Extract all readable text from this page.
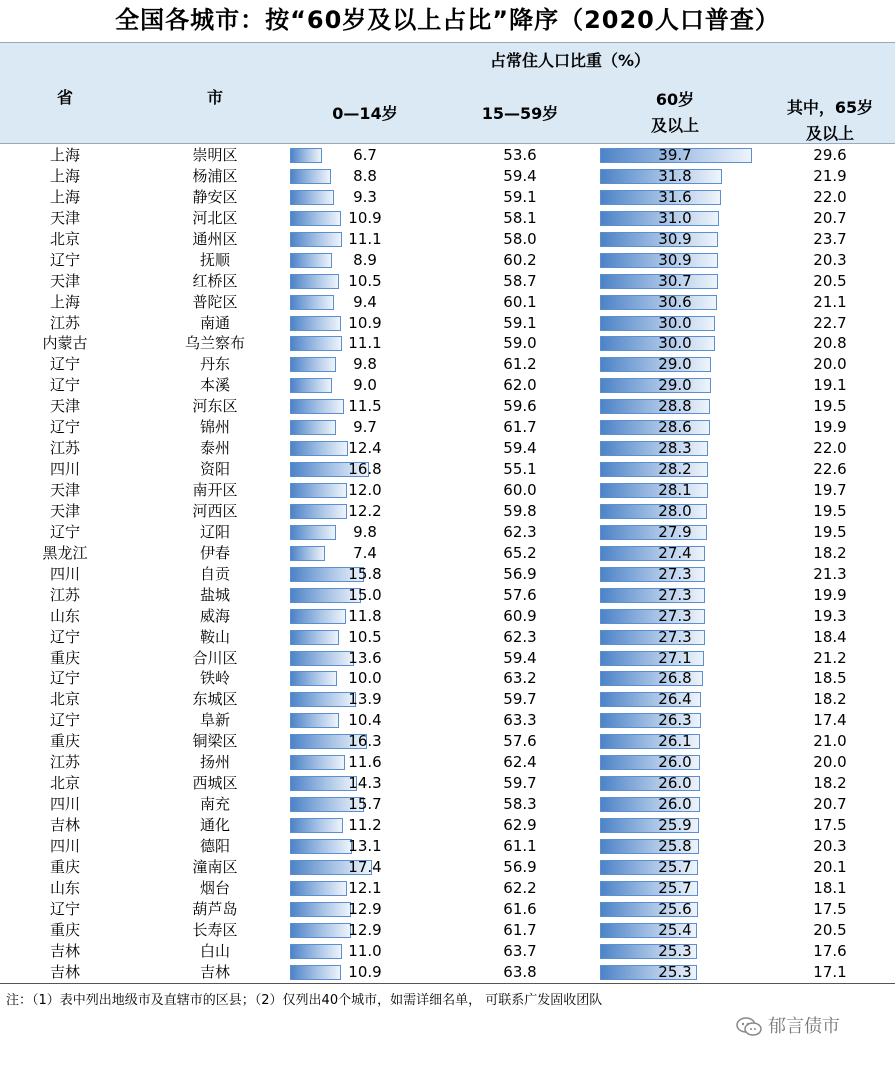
全国各城市：按“60岁及以上占比”降序（2020人口普查）
省	市
占常住人口比重（%）
0—14岁	15—59岁
60岁
及以上
其中，65岁
及以上
上海	崇明区	6.7	53.6	39.7	29.6
上海	杨浦区	8.8	59.4	31.8	21.9
上海	静安区	9.3	59.1	31.6	22.0
天津	河北区	10.9	58.1	31.0	20.7
北京	通州区	11.1	58.0	30.9	23.7
辽宁	抚顺	8.9	60.2	30.9	20.3
天津	红桥区	10.5	58.7	30.7	20.5
上海	普陀区	9.4	60.1	30.6	21.1
江苏	南通	10.9	59.1	30.0	22.7
内蒙古	乌兰察布	11.1	59.0	30.0	20.8
辽宁	丹东	9.8	61.2	29.0	20.0
辽宁	本溪	9.0	62.0	29.0	19.1
天津	河东区	11.5	59.6	28.8	19.5
辽宁	锦州	9.7	61.7	28.6	19.9
江苏	泰州	12.4	59.4	28.3	22.0
四川	资阳	16.8	55.1	28.2	22.6
天津	南开区	12.0	60.0	28.1	19.7
天津	河西区	12.2	59.8	28.0	19.5
辽宁	辽阳	9.8	62.3	27.9	19.5
黑龙江	伊春	7.4	65.2	27.4	18.2
四川	自贡	15.8	56.9	27.3	21.3
江苏	盐城	15.0	57.6	27.3	19.9
山东	威海	11.8	60.9	27.3	19.3
辽宁	鞍山	10.5	62.3	27.3	18.4
重庆	合川区	13.6	59.4	27.1	21.2
辽宁	铁岭	10.0	63.2	26.8	18.5
北京	东城区	13.9	59.7	26.4	18.2
辽宁	阜新	10.4	63.3	26.3	17.4
重庆	铜梁区	16.3	57.6	26.1	21.0
江苏	扬州	11.6	62.4	26.0	20.0
北京	西城区	14.3	59.7	26.0	18.2
四川	南充	15.7	58.3	26.0	20.7
吉林	通化	11.2	62.9	25.9	17.5
四川	德阳	13.1	61.1	25.8	20.3
重庆	潼南区	17.4	56.9	25.7	20.1
山东	烟台	12.1	62.2	25.7	18.1
辽宁	葫芦岛	12.9	61.6	25.6	17.5
重庆	长寿区	12.9	61.7	25.4	20.5
吉林	白山	11.0	63.7	25.3	17.6
吉林	吉林	10.9	63.8	25.3	17.1
注：（1）表中列出地级市及直辖市的区县；（2）仅列出40个城市，如需详细名单， 可联系广发固收团队
郁言债市
